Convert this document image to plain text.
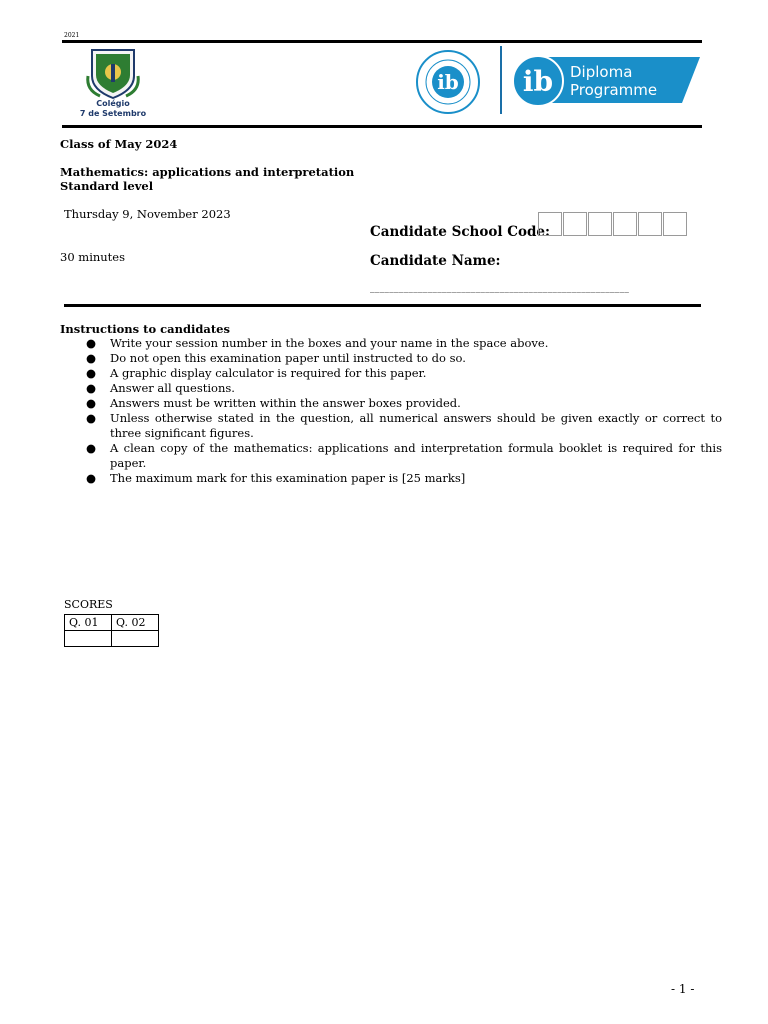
2021
Colégio
7 de Setembro
ib ib Diploma
Programme
Class of May 2024
Mathematics: applications and interpretation
Standard level
Thursday 9, November 2023
30 minutes
Candidate School Code:
Candidate Name:
______________________________________________________
Instructions to candidates
● Write your session number in the boxes and your name in the space above.
● Do not open this examination paper until instructed to do so.
● A graphic display calculator is required for this paper.
● Answer all questions.
● Answers must be written within the answer boxes provided.
● Unless otherwise stated in the question, all numerical answers should be given exactly or correct to three significant figures.
● A clean copy of the mathematics: applications and interpretation formula booklet is required for this paper.
● The maximum mark for this examination paper is [25 marks]
SCORES
Q. 01	Q. 02

- 1 -
